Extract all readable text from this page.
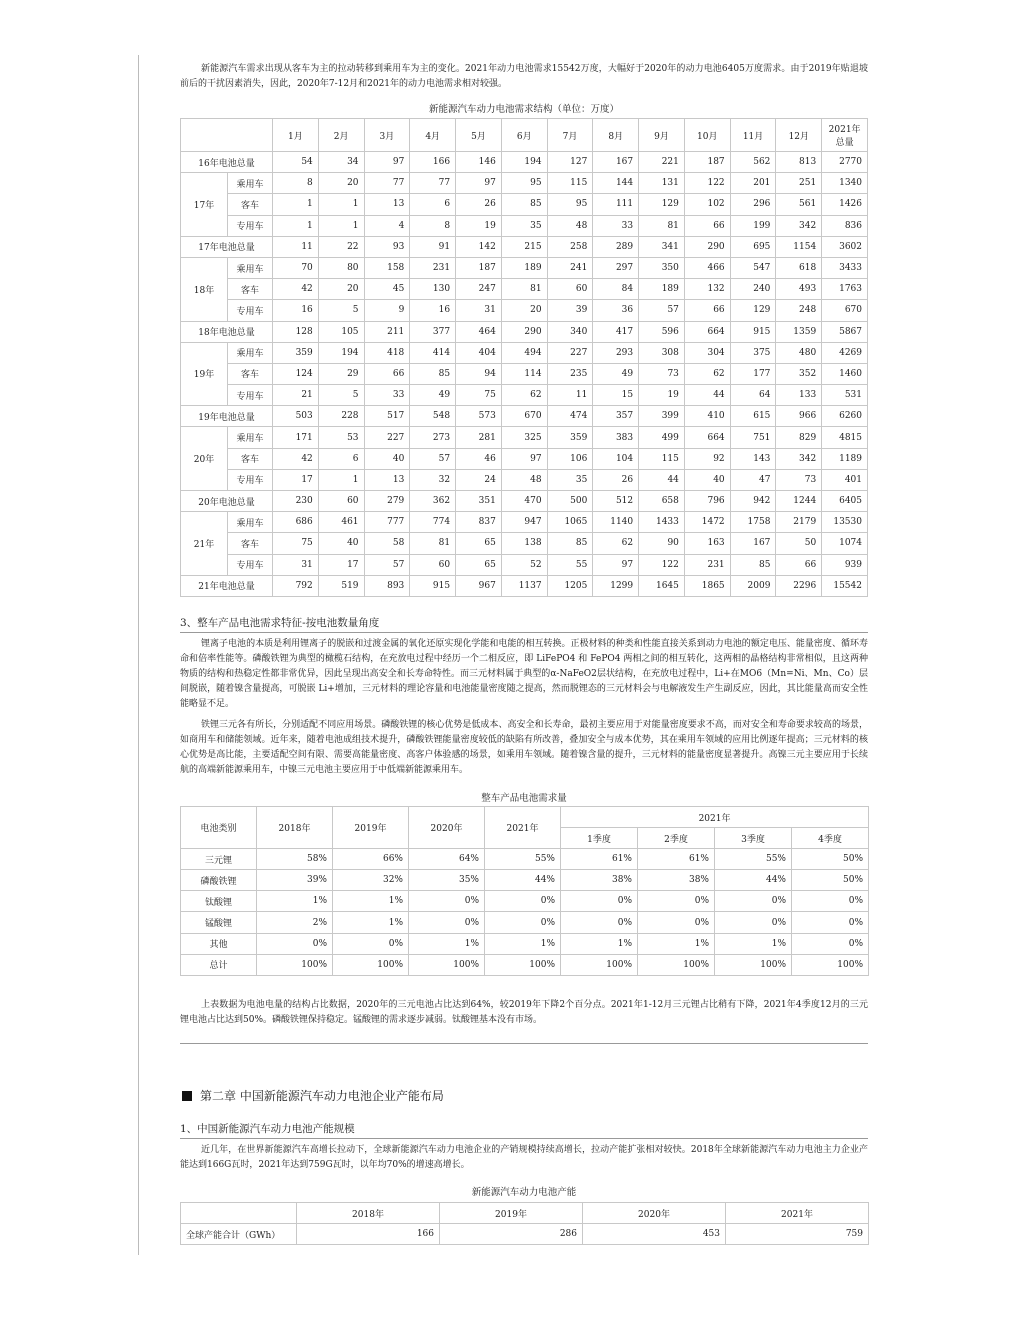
新能源汽车需求出现从客车为主的拉动转移到乘用车为主的变化。2021年动力电池需求15542万度，大幅好于2020年的动力电池6405万度需求。由于2019年贴退坡前后的干扰因素消失，因此，2020年7-12月和2021年的动力电池需求相对较强。

新能源汽车动力电池需求结构（单位：万度）
		1月	2月	3月	4月	5月	6月	7月	8月	9月	10月	11月	12月	2021年总量
16年电池总量		54	34	97	166	146	194	127	167	221	187	562	813	2770
17年	乘用车	8	20	77	77	97	95	115	144	131	122	201	251	1340
	客车	1	1	13	6	26	85	95	111	129	102	296	561	1426
	专用车	1	1	4	8	19	35	48	33	81	66	199	342	836
17年电池总量		11	22	93	91	142	215	258	289	341	290	695	1154	3602
18年	乘用车	70	80	158	231	187	189	241	297	350	466	547	618	3433
	客车	42	20	45	130	247	81	60	84	189	132	240	493	1763
	专用车	16	5	9	16	31	20	39	36	57	66	129	248	670
18年电池总量		128	105	211	377	464	290	340	417	596	664	915	1359	5867
19年	乘用车	359	194	418	414	404	494	227	293	308	304	375	480	4269
	客车	124	29	66	85	94	114	235	49	73	62	177	352	1460
	专用车	21	5	33	49	75	62	11	15	19	44	64	133	531
19年电池总量		503	228	517	548	573	670	474	357	399	410	615	966	6260
20年	乘用车	171	53	227	273	281	325	359	383	499	664	751	829	4815
	客车	42	6	40	57	46	97	106	104	115	92	143	342	1189
	专用车	17	1	13	32	24	48	35	26	44	40	47	73	401
20年电池总量		230	60	279	362	351	470	500	512	658	796	942	1244	6405
21年	乘用车	686	461	777	774	837	947	1065	1140	1433	1472	1758	2179	13530
	客车	75	40	58	81	65	138	85	62	90	163	167	50	1074
	专用车	31	17	57	60	65	52	55	97	122	231	85	66	939
21年电池总量		792	519	893	915	967	1137	1205	1299	1645	1865	2009	2296	15542
3、整车产品电池需求特征-按电池数量角度

锂离子电池的本质是利用锂离子的脱嵌和过渡金属的氧化还原实现化学能和电能的相互转换。正极材料的种类和性能直接关系到动力电池的额定电压、能量密度、循环寿命和倍率性能等。磷酸铁锂为典型的橄榄石结构，在充放电过程中经历一个二相反应，即 LiFePO4 和 FePO4 两相之间的相互转化，这两相的晶格结构非常相似，且这两种物质的结构和热稳定性都非常优异，因此呈现出高安全和长寿命特性。而三元材料属于典型的α-NaFeO2层状结构，在充放电过程中，Li+在MO6（Mn=Ni、Mn、Co）层间脱嵌，随着镍含量提高，可脱嵌 Li+增加，三元材料的理论容量和电池能量密度随之提高，然而脱锂态的三元材料会与电解液发生产生副反应，因此，其比能量高而安全性能略显不足。

铁锂三元各有所长，分别适配不同应用场景。磷酸铁锂的核心优势是低成本、高安全和长寿命，最初主要应用于对能量密度要求不高，而对安全和寿命要求较高的场景，如商用车和储能领域。近年来，随着电池成组技术提升，磷酸铁锂能量密度较低的缺陷有所改善，叠加安全与成本优势，其在乘用车领域的应用比例逐年提高；三元材料的核心优势是高比能，主要适配空间有限、需要高能量密度、高客户体验感的场景，如乘用车领域。随着镍含量的提升，三元材料的能量密度显著提升。高镍三元主要应用于长续航的高端新能源乘用车，中镍三元电池主要应用于中低端新能源乘用车。

整车产品电池需求量
电池类别	2018年	2019年	2020年	2021年	2021年			
					1季度	2季度	3季度	4季度
三元锂	58%	66%	64%	55%	61%	61%	55%	50%
磷酸铁锂	39%	32%	35%	44%	38%	38%	44%	50%
钛酸锂	1%	1%	0%	0%	0%	0%	0%	0%
锰酸锂	2%	1%	0%	0%	0%	0%	0%	0%
其他	0%	0%	1%	1%	1%	1%	1%	0%
总计	100%	100%	100%	100%	100%	100%	100%	100%

上表数据为电池电量的结构占比数据，2020年的三元电池占比达到64%，较2019年下降2个百分点。2021年1-12月三元锂占比稍有下降，2021年4季度12月的三元锂电池占比达到50%。磷酸铁锂保持稳定。锰酸锂的需求逐步减弱。钛酸锂基本没有市场。

第二章 中国新能源汽车动力电池企业产能布局
1、中国新能源汽车动力电池产能规模

近几年，在世界新能源汽车高增长拉动下，全球新能源汽车动力电池企业的产销规模持续高增长，拉动产能扩张相对较快。2018年全球新能源汽车动力电池主力企业产能达到166G瓦时，2021年达到759G瓦时，以年均70%的增速高增长。

新能源汽车动力电池产能
	2018年	2019年	2020年	2021年
全球产能合计（GWh）	166	286	453	759
